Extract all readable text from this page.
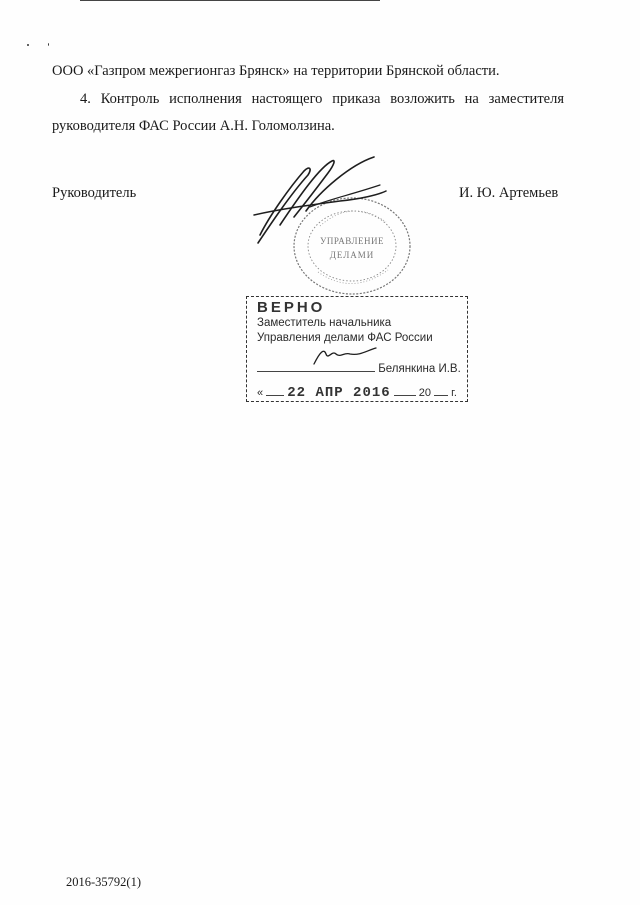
ООО «Газпром межрегионгаз Брянск» на территории Брянской области.
4. Контроль исполнения настоящего приказа возложить на заместителя
руководителя ФАС России А.Н. Голомолзина.
Руководитель	И. Ю. Артемьев
УПРАВЛЕНИЕ
ДЕЛАМИ
ВЕРНО
Заместитель начальника
Управления делами ФАС России
Белянкина И.В.
« 22 АПР 2016	20 г.
2016-35792(1)
